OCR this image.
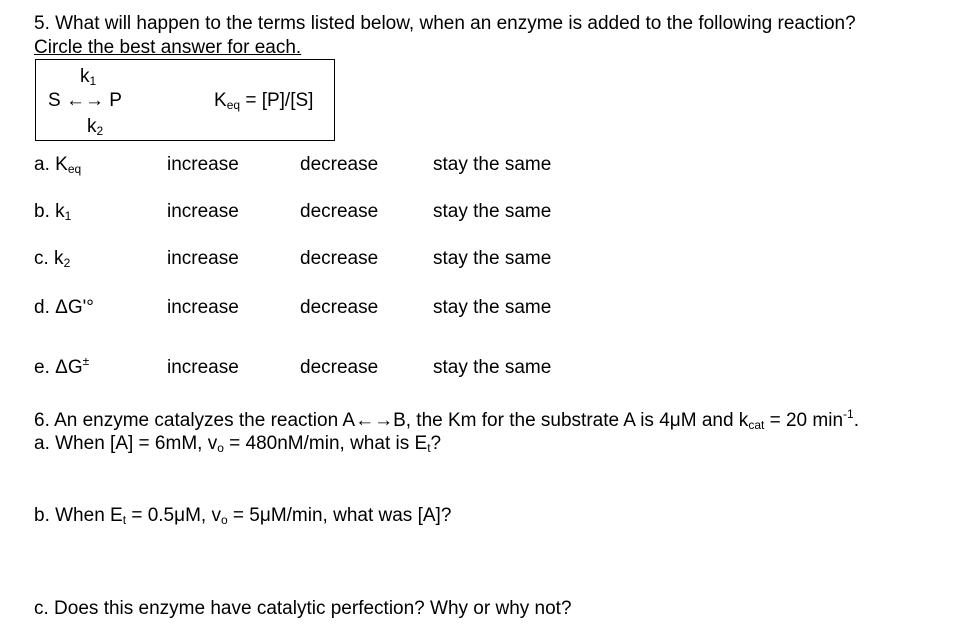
5. What will happen to the terms listed below, when an enzyme is added to the following reaction?
Circle the best answer for each.
$k_1$
S ←→ P
$k_2$
$K_{eq} = [P]/[S]$
a. $K_{eq}$	increase	decrease	stay the same
b. $k_1$	increase	decrease	stay the same
c. $k_2$	increase	decrease	stay the same
d. ΔG'°	increase	decrease	stay the same
e. ΔG±	increase	decrease	stay the same
6. An enzyme catalyzes the reaction A←→B, the Km for the substrate A is 4μM and $k_{cat} = 20$ $\min^{-1}$.
a. When [A] = 6mM, $v_o = 480nM/\min$, what is $E_t$?
b. When $E_t = 0.5\mu M$, $v_o = 5\mu M/\min$, what was [A]?
c. Does this enzyme have catalytic perfection? Why or why not?
